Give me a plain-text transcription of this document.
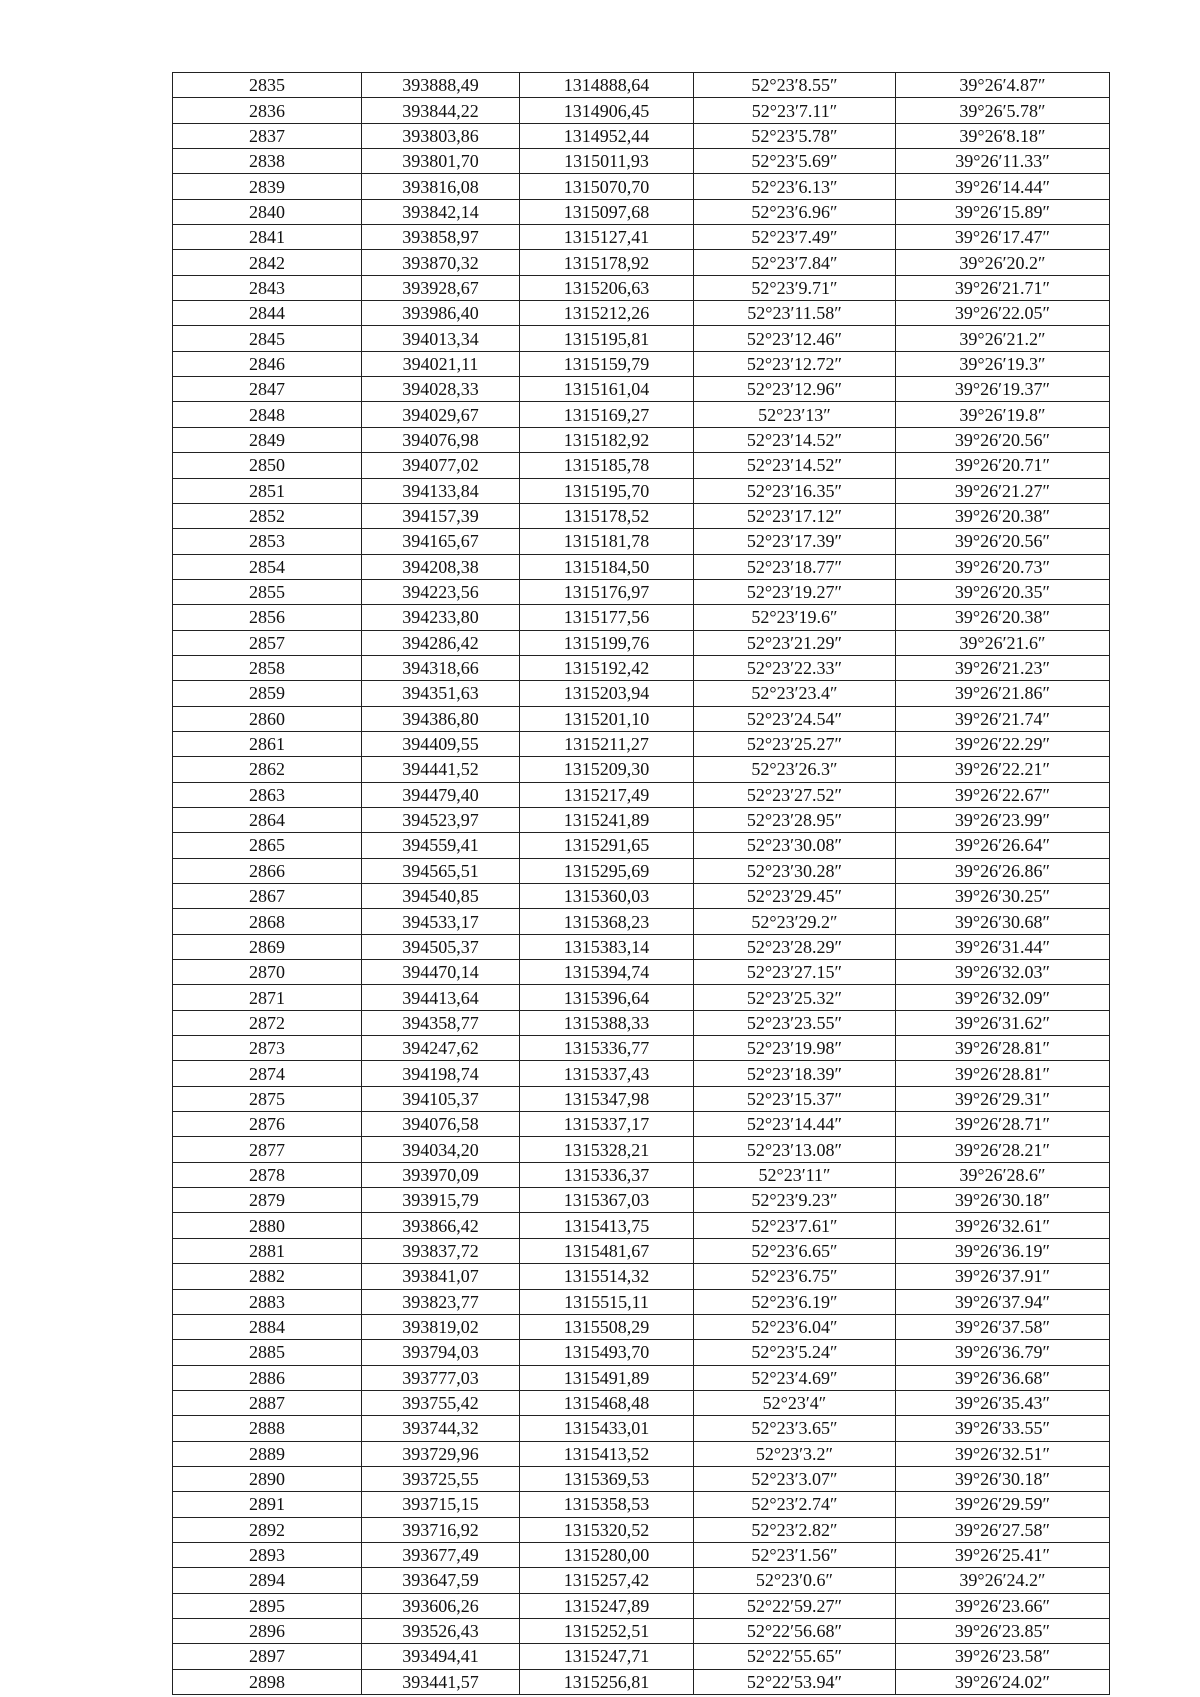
2835	393888,49	1314888,64	52°23′8.55″	39°26′4.87″
2836	393844,22	1314906,45	52°23′7.11″	39°26′5.78″
2837	393803,86	1314952,44	52°23′5.78″	39°26′8.18″
2838	393801,70	1315011,93	52°23′5.69″	39°26′11.33″
2839	393816,08	1315070,70	52°23′6.13″	39°26′14.44″
2840	393842,14	1315097,68	52°23′6.96″	39°26′15.89″
2841	393858,97	1315127,41	52°23′7.49″	39°26′17.47″
2842	393870,32	1315178,92	52°23′7.84″	39°26′20.2″
2843	393928,67	1315206,63	52°23′9.71″	39°26′21.71″
2844	393986,40	1315212,26	52°23′11.58″	39°26′22.05″
2845	394013,34	1315195,81	52°23′12.46″	39°26′21.2″
2846	394021,11	1315159,79	52°23′12.72″	39°26′19.3″
2847	394028,33	1315161,04	52°23′12.96″	39°26′19.37″
2848	394029,67	1315169,27	52°23′13″	39°26′19.8″
2849	394076,98	1315182,92	52°23′14.52″	39°26′20.56″
2850	394077,02	1315185,78	52°23′14.52″	39°26′20.71″
2851	394133,84	1315195,70	52°23′16.35″	39°26′21.27″
2852	394157,39	1315178,52	52°23′17.12″	39°26′20.38″
2853	394165,67	1315181,78	52°23′17.39″	39°26′20.56″
2854	394208,38	1315184,50	52°23′18.77″	39°26′20.73″
2855	394223,56	1315176,97	52°23′19.27″	39°26′20.35″
2856	394233,80	1315177,56	52°23′19.6″	39°26′20.38″
2857	394286,42	1315199,76	52°23′21.29″	39°26′21.6″
2858	394318,66	1315192,42	52°23′22.33″	39°26′21.23″
2859	394351,63	1315203,94	52°23′23.4″	39°26′21.86″
2860	394386,80	1315201,10	52°23′24.54″	39°26′21.74″
2861	394409,55	1315211,27	52°23′25.27″	39°26′22.29″
2862	394441,52	1315209,30	52°23′26.3″	39°26′22.21″
2863	394479,40	1315217,49	52°23′27.52″	39°26′22.67″
2864	394523,97	1315241,89	52°23′28.95″	39°26′23.99″
2865	394559,41	1315291,65	52°23′30.08″	39°26′26.64″
2866	394565,51	1315295,69	52°23′30.28″	39°26′26.86″
2867	394540,85	1315360,03	52°23′29.45″	39°26′30.25″
2868	394533,17	1315368,23	52°23′29.2″	39°26′30.68″
2869	394505,37	1315383,14	52°23′28.29″	39°26′31.44″
2870	394470,14	1315394,74	52°23′27.15″	39°26′32.03″
2871	394413,64	1315396,64	52°23′25.32″	39°26′32.09″
2872	394358,77	1315388,33	52°23′23.55″	39°26′31.62″
2873	394247,62	1315336,77	52°23′19.98″	39°26′28.81″
2874	394198,74	1315337,43	52°23′18.39″	39°26′28.81″
2875	394105,37	1315347,98	52°23′15.37″	39°26′29.31″
2876	394076,58	1315337,17	52°23′14.44″	39°26′28.71″
2877	394034,20	1315328,21	52°23′13.08″	39°26′28.21″
2878	393970,09	1315336,37	52°23′11″	39°26′28.6″
2879	393915,79	1315367,03	52°23′9.23″	39°26′30.18″
2880	393866,42	1315413,75	52°23′7.61″	39°26′32.61″
2881	393837,72	1315481,67	52°23′6.65″	39°26′36.19″
2882	393841,07	1315514,32	52°23′6.75″	39°26′37.91″
2883	393823,77	1315515,11	52°23′6.19″	39°26′37.94″
2884	393819,02	1315508,29	52°23′6.04″	39°26′37.58″
2885	393794,03	1315493,70	52°23′5.24″	39°26′36.79″
2886	393777,03	1315491,89	52°23′4.69″	39°26′36.68″
2887	393755,42	1315468,48	52°23′4″	39°26′35.43″
2888	393744,32	1315433,01	52°23′3.65″	39°26′33.55″
2889	393729,96	1315413,52	52°23′3.2″	39°26′32.51″
2890	393725,55	1315369,53	52°23′3.07″	39°26′30.18″
2891	393715,15	1315358,53	52°23′2.74″	39°26′29.59″
2892	393716,92	1315320,52	52°23′2.82″	39°26′27.58″
2893	393677,49	1315280,00	52°23′1.56″	39°26′25.41″
2894	393647,59	1315257,42	52°23′0.6″	39°26′24.2″
2895	393606,26	1315247,89	52°22′59.27″	39°26′23.66″
2896	393526,43	1315252,51	52°22′56.68″	39°26′23.85″
2897	393494,41	1315247,71	52°22′55.65″	39°26′23.58″
2898	393441,57	1315256,81	52°22′53.94″	39°26′24.02″
